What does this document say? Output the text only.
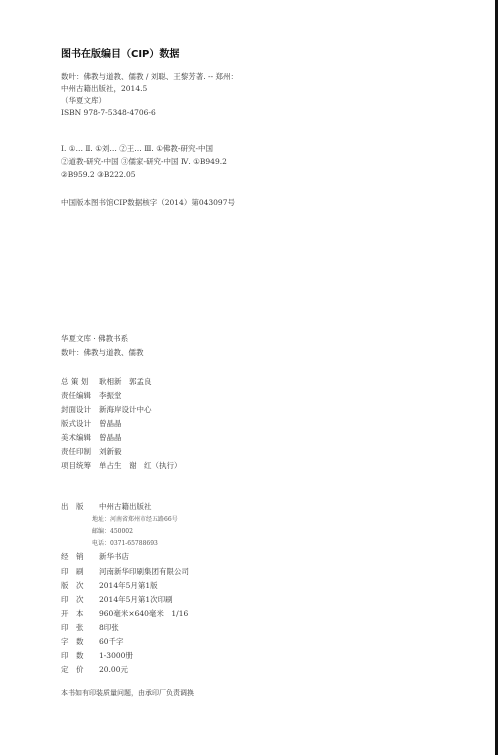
图书在版编目（CIP）数据
数叶：佛教与道教、儒教 / 刘聪、王黎芳著. -- 郑州：
中州古籍出版社，2014.5
（华夏文库）
ISBN 978-7-5348-4706-6
Ⅰ. ①… Ⅱ. ①刘… ②王… Ⅲ. ①佛教-研究-中国
②道教-研究-中国 ③儒家-研究-中国 Ⅳ. ①B949.2
②B959.2 ③B222.05
中国版本图书馆CIP数据核字（2014）第043097号
华夏文库 · 佛教书系
数叶：佛教与道教、儒教
总 策 划 耿相新　郭孟良
责任编辑 李振堂
封面设计 新海岸设计中心
版式设计 曾晶晶
美术编辑 曾晶晶
责任印制 刘新毅
项目统筹 单占生　谢　红（执行）
出　版 中州古籍出版社
地址：河南省郑州市经五路66号
邮编：450002
电话：0371-65788693
经　销 新华书店
印　刷 河南新华印刷集团有限公司
版　次 2014年5月第1版
印　次 2014年5月第1次印刷
开　本 960毫米×640毫米　1/16
印　张 8印张
字　数 60千字
印　数 1-3000册
定　价 20.00元
本书如有印装质量问题，由承印厂负责调换
